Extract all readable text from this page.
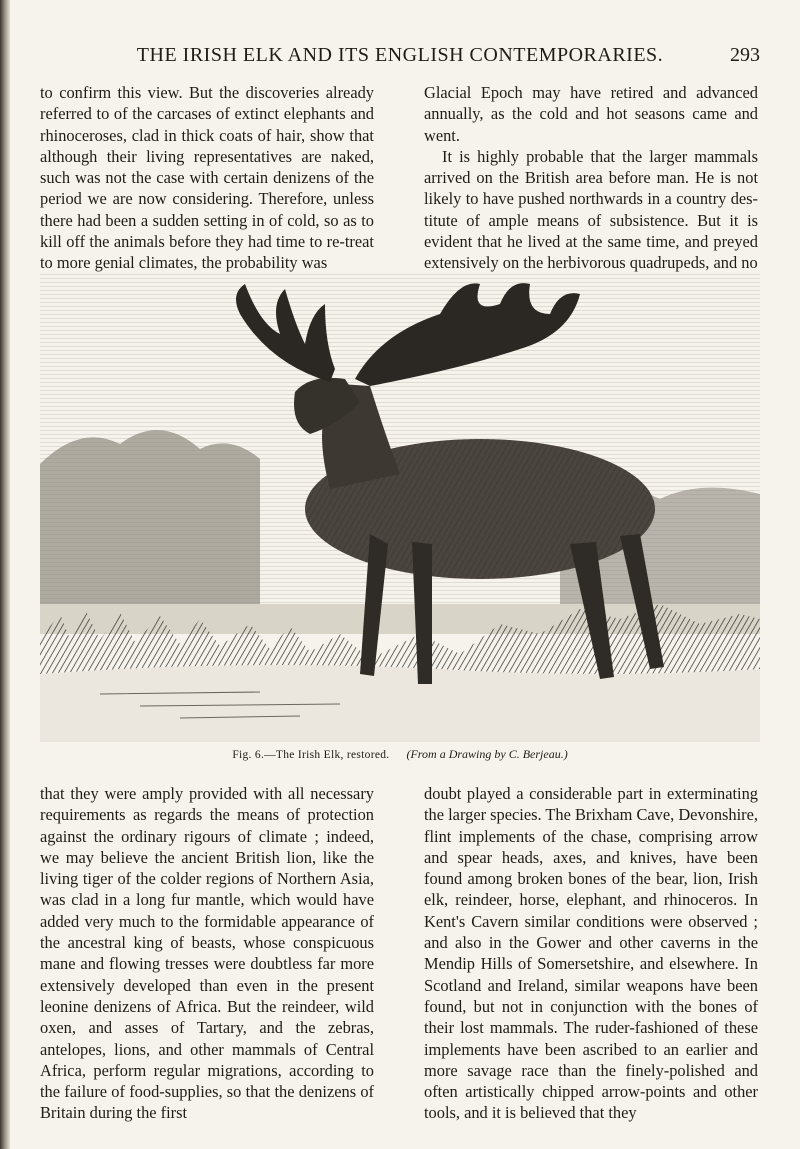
THE IRISH ELK AND ITS ENGLISH CONTEMPORARIES.	293

to confirm this view. But the discoveries already referred to of the carcases of extinct elephants and rhinoceroses, clad in thick coats of hair, show that although their living representatives are naked, such was not the case with certain denizens of the period we are now considering. Therefore, unless there had been a sudden setting in of cold, so as to kill off the animals before they had time to re-treat to more genial climates, the probability was

Glacial Epoch may have retired and advanced annually, as the cold and hot seasons came and went.

It is highly probable that the larger mammals arrived on the British area before man. He is not likely to have pushed northwards in a country des-titute of ample means of subsistence. But it is evident that he lived at the same time, and preyed extensively on the herbivorous quadrupeds, and no

Fig. 6.—The Irish Elk, restored. (From a Drawing by C. Berjeau.)

that they were amply provided with all necessary requirements as regards the means of protection against the ordinary rigours of climate ; indeed, we may believe the ancient British lion, like the living tiger of the colder regions of Northern Asia, was clad in a long fur mantle, which would have added very much to the formidable appearance of the ancestral king of beasts, whose conspicuous mane and flowing tresses were doubtless far more extensively developed than even in the present leonine denizens of Africa. But the reindeer, wild oxen, and asses of Tartary, and the zebras, antelopes, lions, and other mammals of Central Africa, perform regular migrations, according to the failure of food-supplies, so that the denizens of Britain during the first

doubt played a considerable part in exterminating the larger species. The Brixham Cave, Devonshire, flint implements of the chase, comprising arrow and spear heads, axes, and knives, have been found among broken bones of the bear, lion, Irish elk, reindeer, horse, elephant, and rhinoceros. In Kent's Cavern similar conditions were observed ; and also in the Gower and other caverns in the Mendip Hills of Somersetshire, and elsewhere. In Scotland and Ireland, similar weapons have been found, but not in conjunction with the bones of their lost mammals. The ruder-fashioned of these implements have been ascribed to an earlier and more savage race than the finely-polished and often artistically chipped arrow-points and other tools, and it is believed that they
